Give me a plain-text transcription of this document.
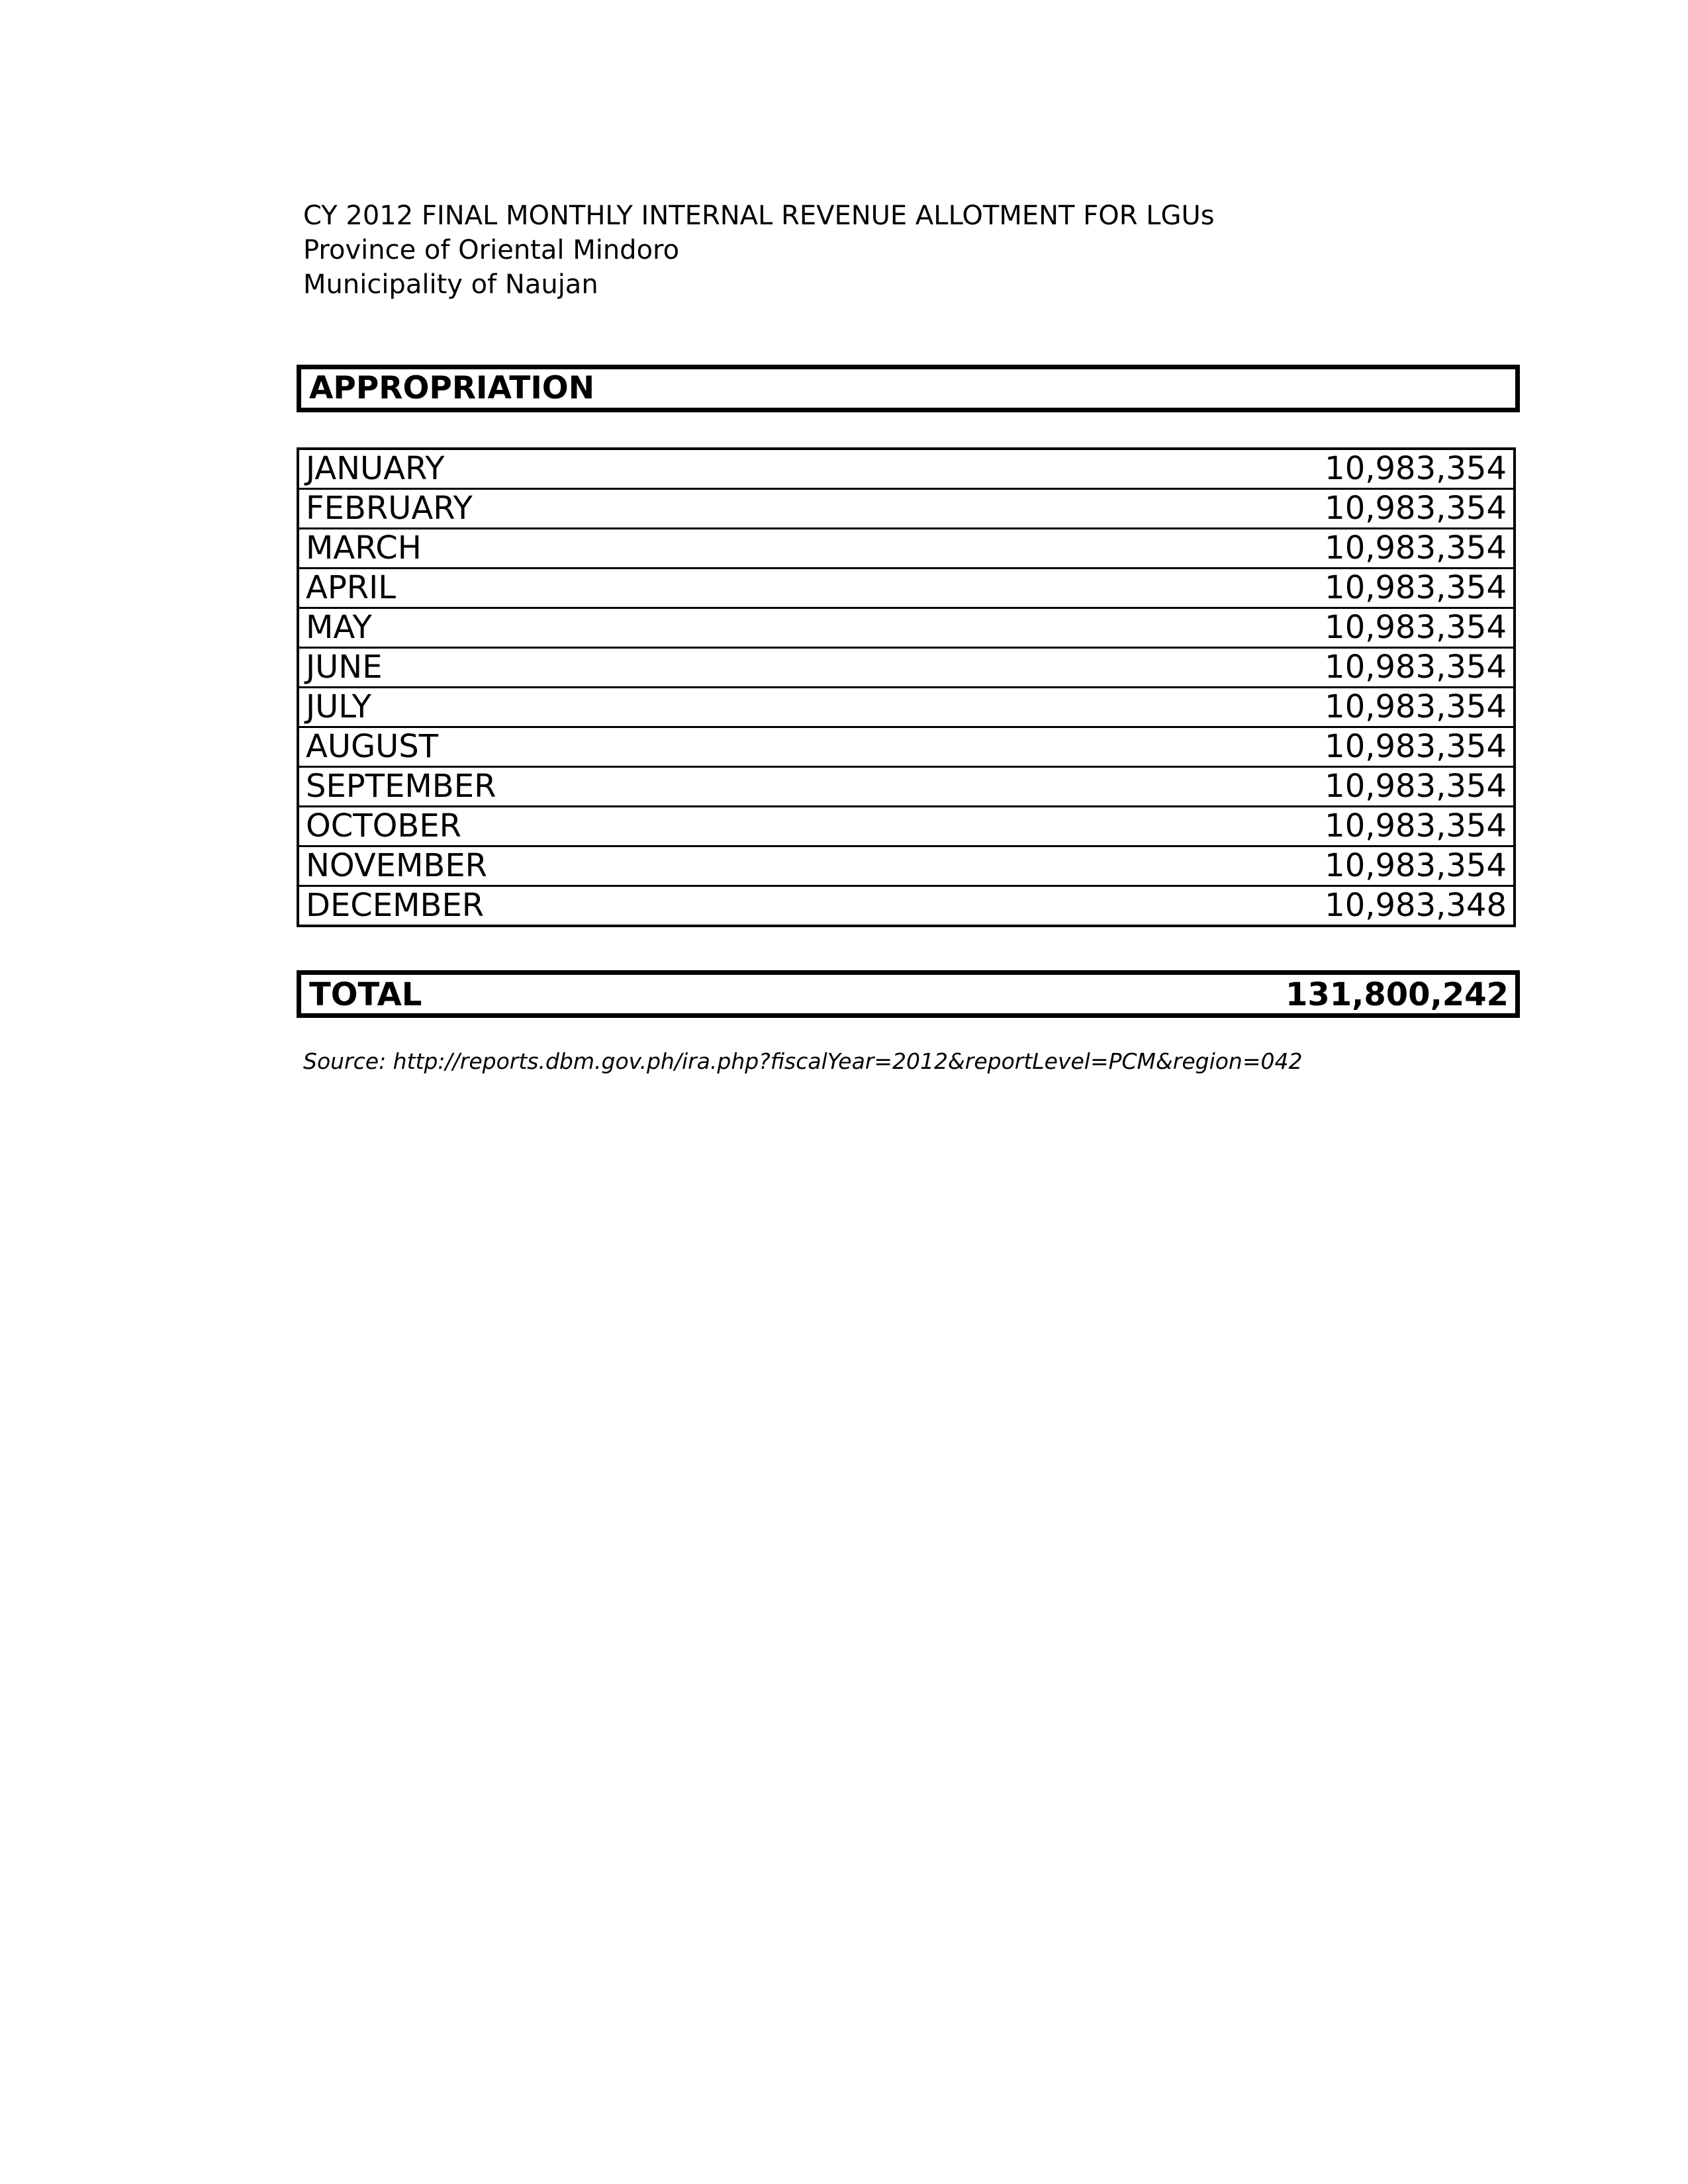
CY 2012 FINAL MONTHLY INTERNAL REVENUE ALLOTMENT FOR LGUs
Province of Oriental Mindoro
Municipality of Naujan
APPROPRIATION
JANUARY	10,983,354
FEBRUARY	10,983,354
MARCH	10,983,354
APRIL	10,983,354
MAY	10,983,354
JUNE	10,983,354
JULY	10,983,354
AUGUST	10,983,354
SEPTEMBER	10,983,354
OCTOBER	10,983,354
NOVEMBER	10,983,354
DECEMBER	10,983,348
TOTAL	131,800,242
Source: http://reports.dbm.gov.ph/ira.php?fiscalYear=2012&reportLevel=PCM&region=042
